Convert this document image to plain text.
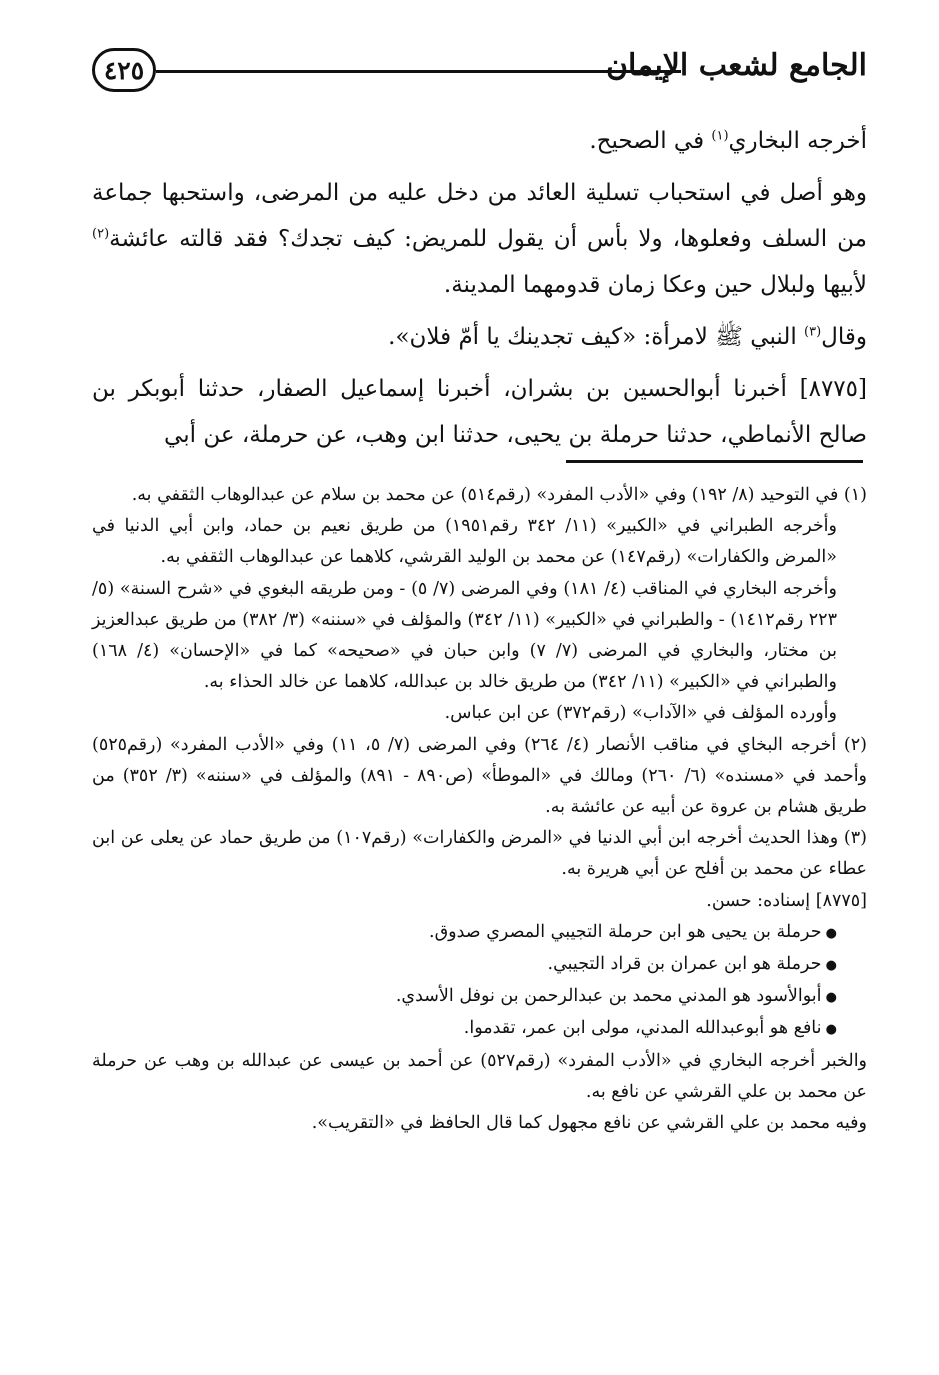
٤٢٥	الجامع لشعب الإيمان

أخرجه البخاري$^{(١)}$ في الصحيح.

وهو أصل في استحباب تسلية العائد من دخل عليه من المرضى، واستحبها جماعة من السلف وفعلوها، ولا بأس أن يقول للمريض: كيف تجدك؟ فقد قالته عائشة$^{(٢)}$ لأبيها ولبلال حين وعكا زمان قدومهما المدينة.

وقال$^{(٣)}$ النبي ﷺ لامرأة: «كيف تجدينك يا أمّ فلان».

[٨٧٧٥] أخبرنا أبوالحسين بن بشران، أخبرنا إسماعيل الصفار، حدثنا أبوبكر بن صالح الأنماطي، حدثنا حرملة بن يحيى، حدثنا ابن وهب، عن حرملة، عن أبي

(١) في التوحيد (٨/ ١٩٢) وفي «الأدب المفرد» (رقم٥١٤) عن محمد بن سلام عن عبدالوهاب الثقفي به.

وأخرجه الطبراني في «الكبير» (١١/ ٣٤٢ رقم١٩٥١) من طريق نعيم بن حماد، وابن أبي الدنيا في «المرض والكفارات» (رقم١٤٧) عن محمد بن الوليد القرشي، كلاهما عن عبدالوهاب الثقفي به.

وأخرجه البخاري في المناقب (٤/ ١٨١) وفي المرضى (٧/ ٥) - ومن طريقه البغوي في «شرح السنة» (٥/ ٢٢٣ رقم١٤١٢) - والطبراني في «الكبير» (١١/ ٣٤٢) والمؤلف في «سننه» (٣/ ٣٨٢) من طريق عبدالعزيز بن مختار، والبخاري في المرضى (٧/ ٧) وابن حبان في «صحيحه» كما في «الإحسان» (٤/ ١٦٨) والطبراني في «الكبير» (١١/ ٣٤٢) من طريق خالد بن عبدالله، كلاهما عن خالد الحذاء به.

وأورده المؤلف في «الآداب» (رقم٣٧٢) عن ابن عباس.

(٢) أخرجه البخاي في مناقب الأنصار (٤/ ٢٦٤) وفي المرضى (٧/ ٥، ١١) وفي «الأدب المفرد» (رقم٥٢٥) وأحمد في «مسنده» (٦/ ٢٦٠) ومالك في «الموطأ» (ص٨٩٠ - ٨٩١) والمؤلف في «سننه» (٣/ ٣٥٢) من طريق هشام بن عروة عن أبيه عن عائشة به.

(٣) وهذا الحديث أخرجه ابن أبي الدنيا في «المرض والكفارات» (رقم١٠٧) من طريق حماد عن يعلى عن ابن عطاء عن محمد بن أفلح عن أبي هريرة به.

[٨٧٧٥] إسناده: حسن.

● حرملة بن يحيى هو ابن حرملة التجيبي المصري صدوق.
● حرملة هو ابن عمران بن قراد التجيبي.
● أبوالأسود هو المدني محمد بن عبدالرحمن بن نوفل الأسدي.
● نافع هو أبوعبدالله المدني، مولى ابن عمر، تقدموا.

والخبر أخرجه البخاري في «الأدب المفرد» (رقم٥٢٧) عن أحمد بن عيسى عن عبدالله بن وهب عن حرملة عن محمد بن علي القرشي عن نافع به.

وفيه محمد بن علي القرشي عن نافع مجهول كما قال الحافظ في «التقريب».
